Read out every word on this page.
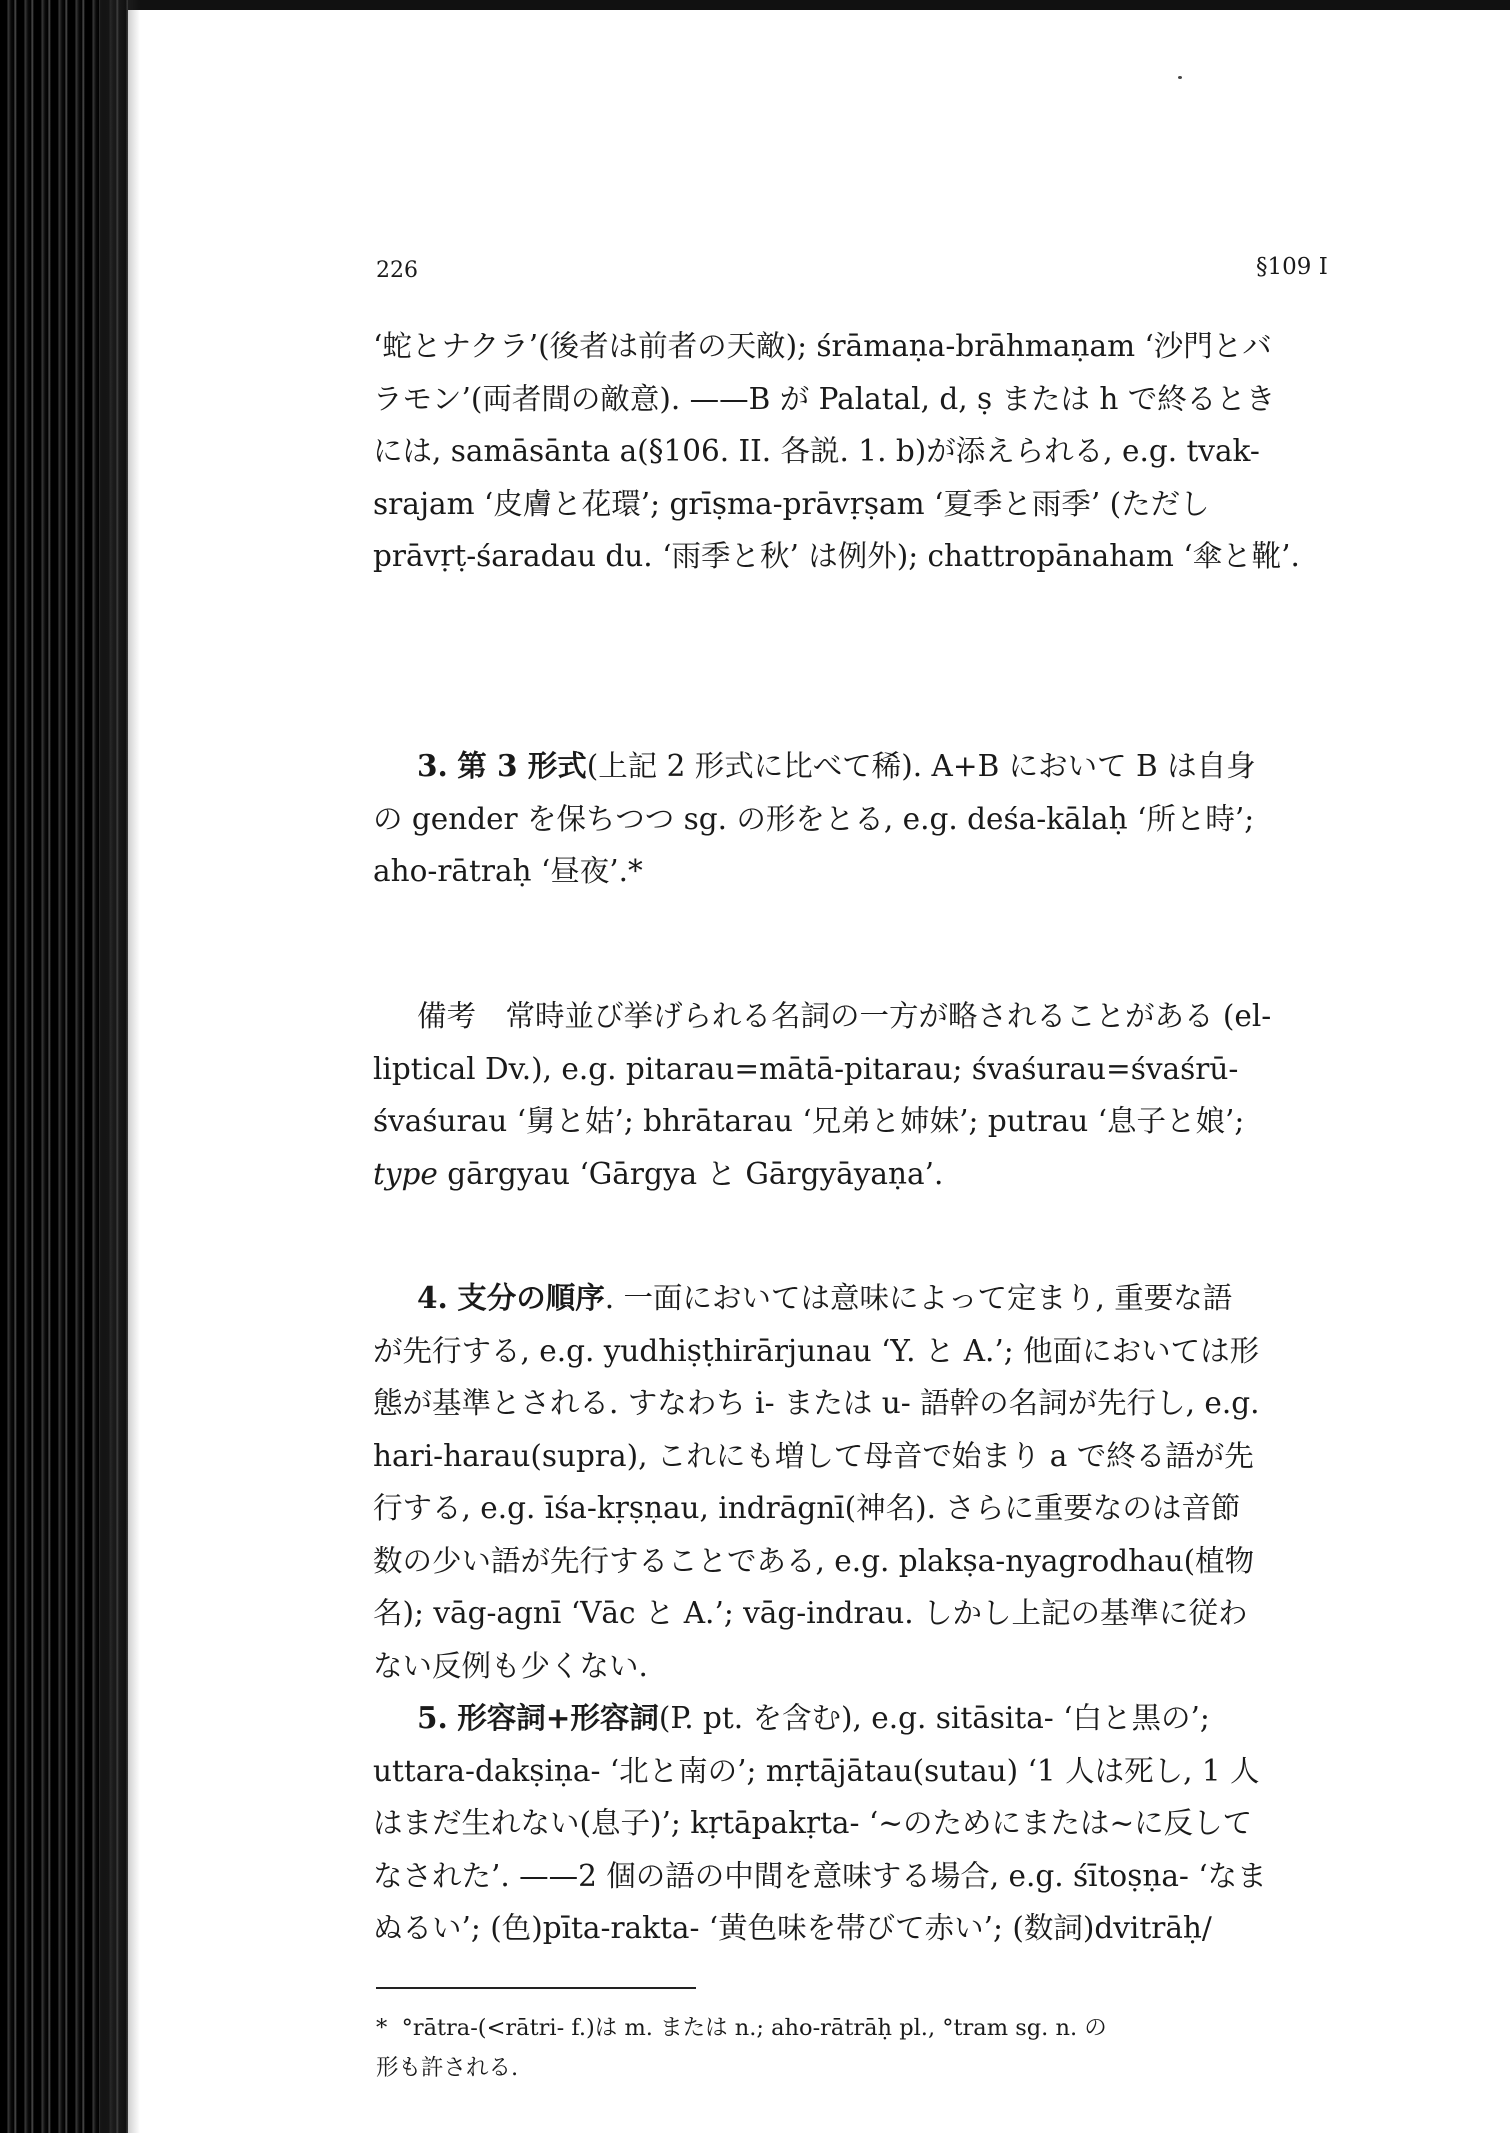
226	§109 I

‘蛇とナクラ’(後者は前者の天敵); śrāmaṇa-brāhmaṇam ‘沙門とバ

ラモン’(両者間の敵意). ——B が Palatal, d, ṣ または h で終るとき

には, samāsānta a(§106. II. 各説. 1. b)が添えられる, e.g. tvak-

srajam ‘皮膚と花環’; grīṣma-prāvṛṣam ‘夏季と雨季’ (ただし

prāvṛṭ-śaradau du. ‘雨季と秋’ は例外); chattropānaham ‘傘と靴’.

3. 第 3 形式(上記 2 形式に比べて稀). A+B において B は自身

の gender を保ちつつ sg. の形をとる, e.g. deśa-kālaḥ ‘所と時’;

aho-rātraḥ ‘昼夜’.*

備考　常時並び挙げられる名詞の一方が略されることがある (el-

liptical Dv.), e.g. pitarau=mātā-pitarau; śvaśurau=śvaśrū-

śvaśurau ‘舅と姑’; bhrātarau ‘兄弟と姉妹’; putrau ‘息子と娘’;

type gārgyau ‘Gārgya と Gārgyāyaṇa’.

4. 支分の順序. 一面においては意味によって定まり, 重要な語

が先行する, e.g. yudhiṣṭhirārjunau ‘Y. と A.’; 他面においては形

態が基準とされる. すなわち i- または u- 語幹の名詞が先行し, e.g.

hari-harau(supra), これにも増して母音で始まり a で終る語が先

行する, e.g. īśa-kṛṣṇau, indrāgnī(神名). さらに重要なのは音節

数の少い語が先行することである, e.g. plakṣa-nyagrodhau(植物

名); vāg-agnī ‘Vāc と A.’; vāg-indrau. しかし上記の基準に従わ

ない反例も少くない.

5. 形容詞+形容詞(P. pt. を含む), e.g. sitāsita- ‘白と黒の’;

uttara-dakṣiṇa- ‘北と南の’; mṛtājātau(sutau) ‘1 人は死し, 1 人

はまだ生れない(息子)’; kṛtāpakṛta- ‘~のためにまたは~に反して

なされた’. ——2 個の語の中間を意味する場合, e.g. śītoṣṇa- ‘なま

ぬるい’; (色)pīta-rakta- ‘黄色味を帯びて赤い’; (数詞)dvitrāḥ/

* °rātra-(<rātri- f.)は m. または n.; aho-rātrāḥ pl., °tram sg. n. の
形も許される.
